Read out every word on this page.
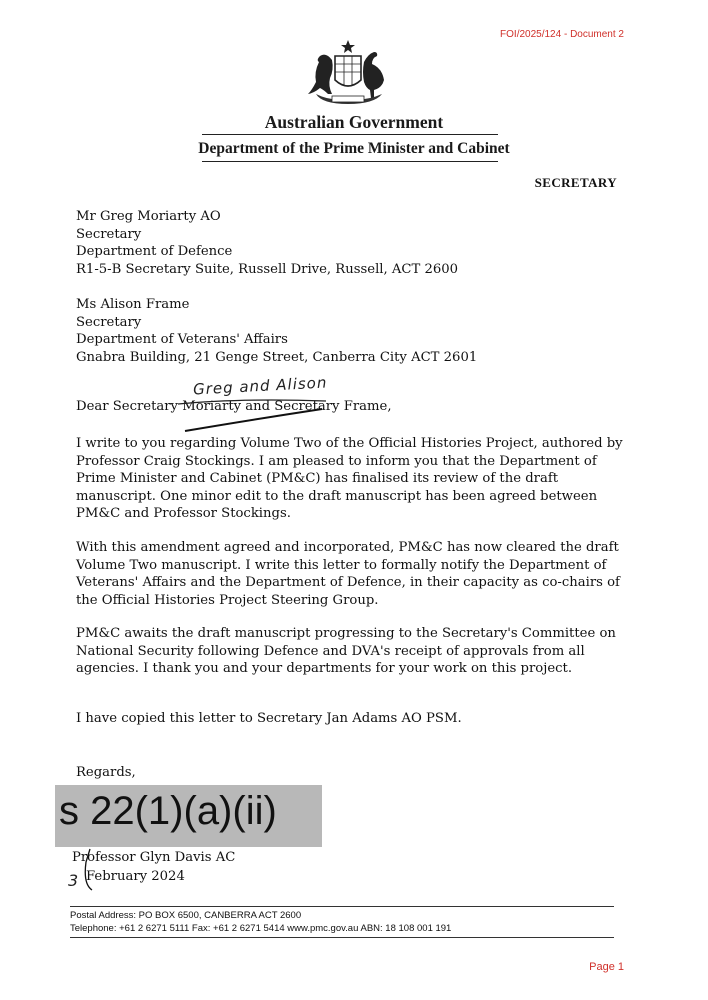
FOI/2025/124 - Document 2
Australian Government
Department of the Prime Minister and Cabinet
SECRETARY
Mr Greg Moriarty AO
Secretary
Department of Defence
R1-5-B Secretary Suite, Russell Drive, Russell, ACT 2600
Ms Alison Frame
Secretary
Department of Veterans' Affairs
Gnabra Building, 21 Genge Street, Canberra City ACT 2601
Greg and Alison
Dear Secretary Moriarty and Secretary Frame,
I write to you regarding Volume Two of the Official Histories Project, authored by
Professor Craig Stockings. I am pleased to inform you that the Department of
Prime Minister and Cabinet (PM&C) has finalised its review of the draft
manuscript. One minor edit to the draft manuscript has been agreed between
PM&C and Professor Stockings.
With this amendment agreed and incorporated, PM&C has now cleared the draft
Volume Two manuscript. I write this letter to formally notify the Department of
Veterans' Affairs and the Department of Defence, in their capacity as co-chairs of
the Official Histories Project Steering Group.
PM&C awaits the draft manuscript progressing to the Secretary's Committee on
National Security following Defence and DVA's receipt of approvals from all
agencies. I thank you and your departments for your work on this project.
I have copied this letter to Secretary Jan Adams AO PSM.
Regards,
s 22(1)(a)(ii)
Professor Glyn Davis AC
3 February 2024
Postal Address: PO BOX 6500, CANBERRA ACT 2600
Telephone: +61 2 6271 5111 Fax: +61 2 6271 5414 www.pmc.gov.au ABN: 18 108 001 191
Page 1
